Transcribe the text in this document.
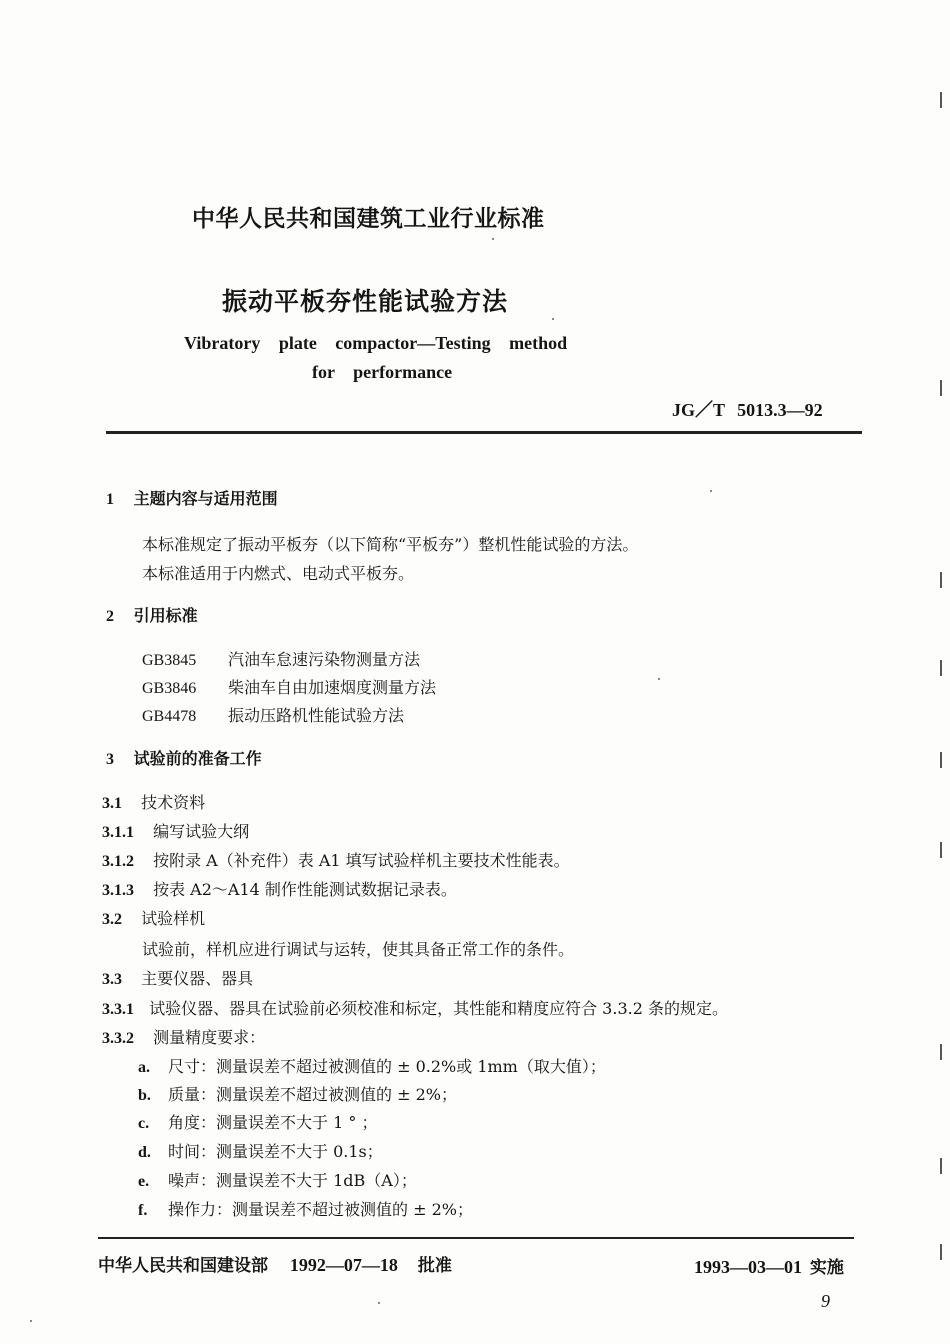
中华人民共和国建筑工业行业标准
振动平板夯性能试验方法
Vibratory plate compactor—Testing method
for performance
JG／T 5013.3—92
1 主题内容与适用范围
本标准规定了振动平板夯（以下简称“平板夯”）整机性能试验的方法。
本标准适用于内燃式、电动式平板夯。
2 引用标准
GB3845 汽油车怠速污染物测量方法
GB3846 柴油车自由加速烟度测量方法
GB4478 振动压路机性能试验方法
3 试验前的准备工作
3.1 技术资料
3.1.1 编写试验大纲
3.1.2 按附录 A（补充件）表 A1 填写试验样机主要技术性能表。
3.1.3 按表 A2～A14 制作性能测试数据记录表。
3.2 试验样机
试验前，样机应进行调试与运转，使其具备正常工作的条件。
3.3 主要仪器、器具
3.3.1 试验仪器、器具在试验前必须校准和标定，其性能和精度应符合 3.3.2 条的规定。
3.3.2 测量精度要求：
a. 尺寸：测量误差不超过被测值的 ± 0.2%或 1mm（取大值）；
b. 质量：测量误差不超过被测值的 ± 2%；
c. 角度：测量误差不大于 1 ° ；
d. 时间：测量误差不大于 0.1s；
e. 噪声：测量误差不大于 1dB（A）；
f. 操作力：测量误差不超过被测值的 ± 2%；
中华人民共和国建设部 1992—07—18 批准	1993—03—01 实施
9
